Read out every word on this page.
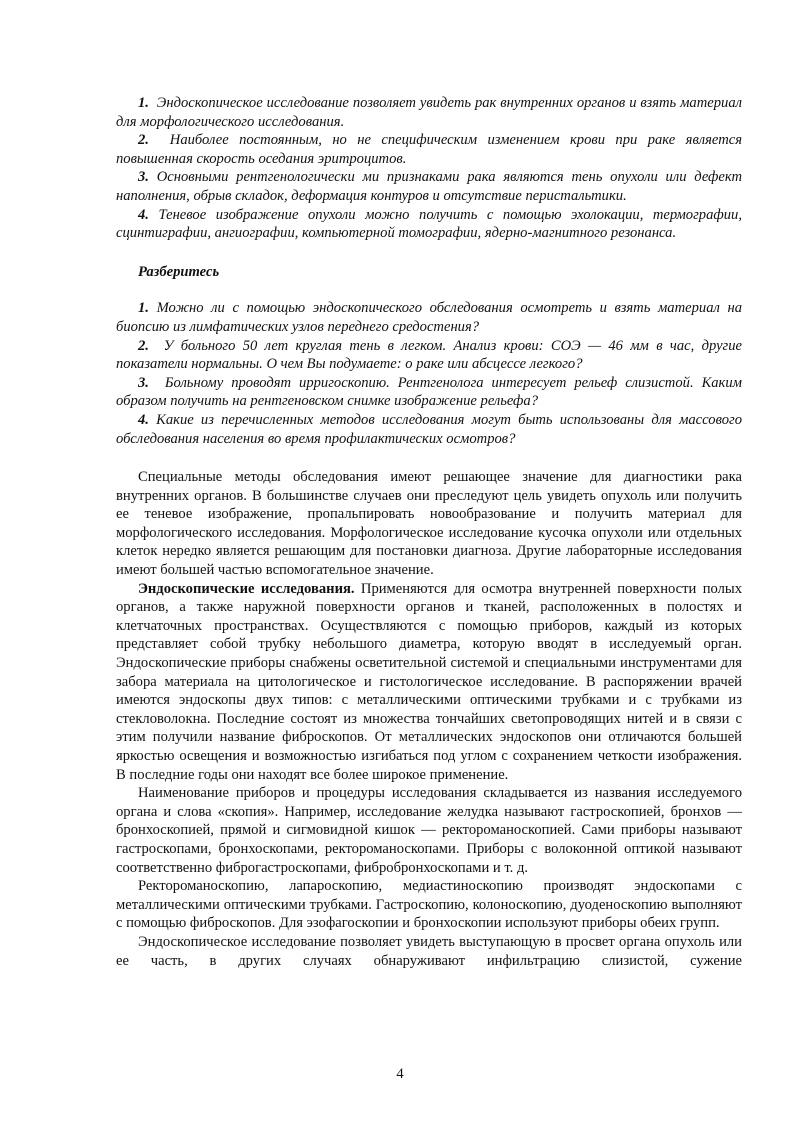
1. Эндоскопическое исследование позволяет увидеть рак внутренних органов и взять материал для морфологического исследования.

2. Наиболее постоянным, но не специфическим изменением крови при раке является повышенная скорость оседания эритроцитов.

3. Основными рентгенологически ми признаками рака являются тень опухоли или дефект наполнения, обрыв складок, деформация контуров и отсутствие перистальтики.

4. Теневое изображение опухоли можно получить с помощью эхолокации, термографии, сцинтиграфии, ангиографии, компьютерной томографии, ядерно-магнитного резонанса.

Разберитесь

1. Можно ли с помощью эндоскопического обследования осмотреть и взять материал на биопсию из лимфатических узлов переднего средостения?

2. У больного 50 лет круглая тень в легком. Анализ крови: СОЭ — 46 мм в час, другие показатели нормальны. О чем Вы подумаете: о раке или абсцессе легкого?

3. Больному проводят ирригоскопию. Рентгенолога интересует рельеф слизистой. Каким образом получить на рентгеновском снимке изображение рельефа?

4. Какие из перечисленных методов исследования могут быть использованы для массового обследования населения во время профилактических осмотров?

Специальные методы обследования имеют решающее значение для диагностики рака внутренних органов. В большинстве случаев они преследуют цель увидеть опухоль или получить ее теневое изображение, пропальпировать новообразование и получить материал для морфологического исследования. Морфологическое исследование кусочка опухоли или отдельных клеток нередко является решающим для постановки диагноза. Другие лабораторные исследования имеют большей частью вспомогательное значение.

Эндоскопические исследования. Применяются для осмотра внутренней поверхности полых органов, а также наружной поверхности органов и тканей, расположенных в полостях и клетчаточных пространствах. Осуществляются с помощью приборов, каждый из которых представляет собой трубку небольшого диаметра, которую вводят в исследуемый орган. Эндоскопические приборы снабжены осветительной системой и специальными инструментами для забора материала на цитологическое и гистологическое исследование. В распоряжении врачей имеются эндоскопы двух типов: с металлическими оптическими трубками и с трубками из стекловолокна. Последние состоят из множества тончайших светопроводящих нитей и в связи с этим получили название фиброскопов. От металлических эндоскопов они отличаются большей яркостью освещения и возможностью изгибаться под углом с сохранением четкости изображения. В последние годы они находят все более широкое применение.

Наименование приборов и процедуры исследования складывается из названия исследуемого органа и слова «скопия». Например, исследование желудка называют гастроскопией, бронхов — бронхоскопией, прямой и сигмовидной кишок — ректороманоскопией. Сами приборы называют гастроскопами, бронхоскопами, ректороманоскопами. Приборы с волоконной оптикой называют соответственно фиброгастроскопами, фибробронхоскопами и т. д.

Ректороманоскопию, лапароскопию, медиастиноскопию производят эндоскопами с металлическими оптическими трубками. Гастроскопию, колоноскопию, дуоденоскопию выполняют с помощью фиброскопов. Для эзофагоскопии и бронхоскопии используют приборы обеих групп.

Эндоскопическое исследование позволяет увидеть выступающую в просвет органа опухоль или ее часть, в других случаях обнаруживают инфильтрацию слизистой, сужение

4
